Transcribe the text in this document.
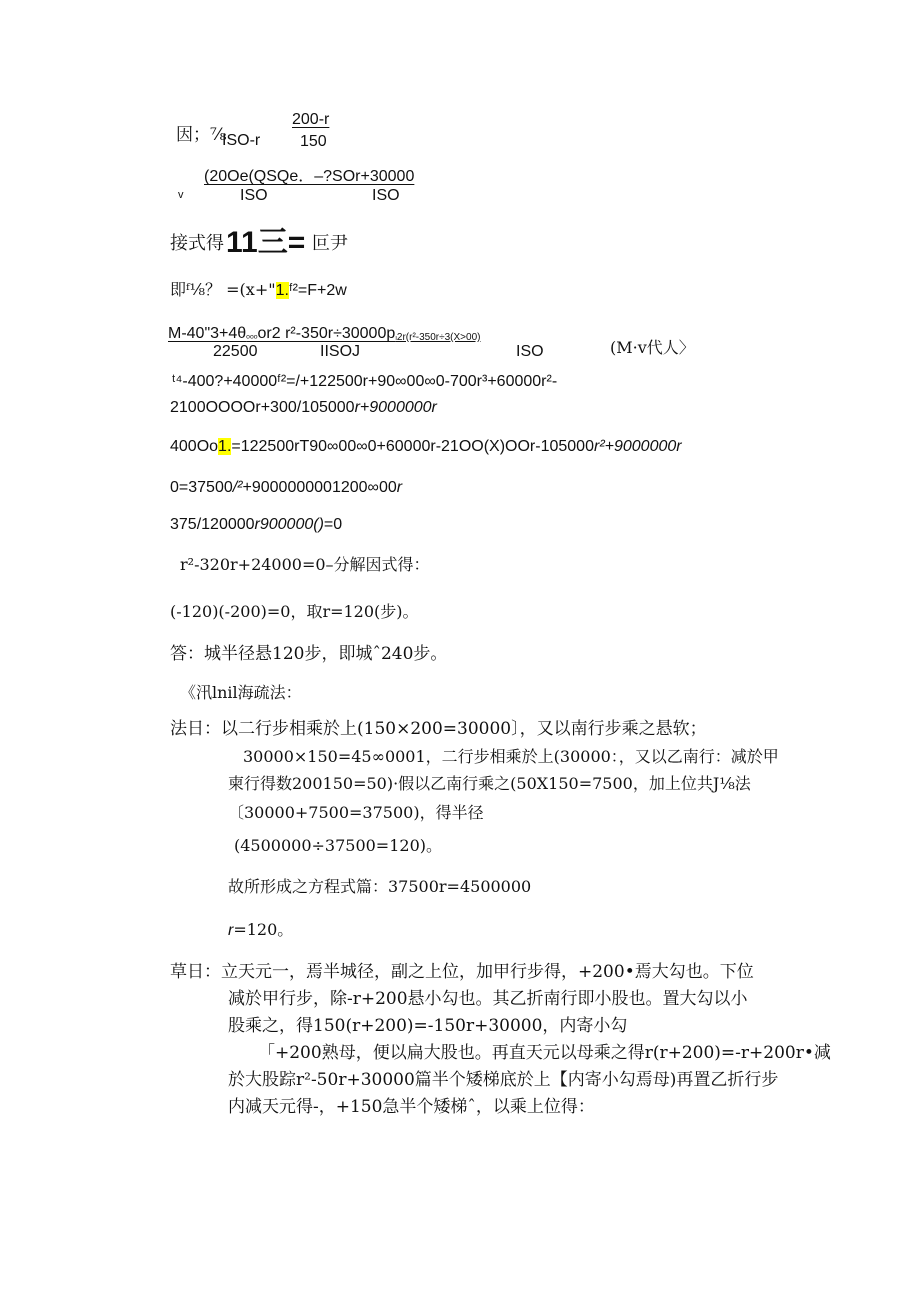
因；⅞
ISO-r
200-r
150
v
(20Oe(QSQe．–?SOr+30000
ISO	ISO
接式得 11三= 叵尹
即ᶠ⅛？ =(x+"1.ᶠ²=F+2w
M-40"3+4θₒₒₒor2 r²-350r÷30000pₗ2r(r²-350r÷3(X>00)
22500	IISOJ	ISO	(M·v代人〉
ᵗ⁴-400?+40000ᶠ²=/+122500r+90∞00∞0-700r³+60000r²-
2100OOOOr+300/105000r+9000000r
400Oo1.=122500rT90∞00∞0+60000r-21OO(X)OOr-105000r²+9000000r
0=37500/²+9000000001200∞00r
375/120000r900000()=0
r²-320r+24000=0–分解因式得：
(-120)(-200)=0，取r=120(步)。
答：城半径悬120步，即城ˆ240步。
《汛lnil海疏法：
法日：以二行步相乘於上(150×200=30000〕，又以南行步乘之悬软；
30000×150=45∞0001，二行步相乘於上(30000：，又以乙南行：减於甲
柬行得数200150=50)·假以乙南行乘之(50X150=7500，加上位共J⅛法
〔30000+7500=37500)，得半径
(4500000÷37500=120)。
故所形成之方程式篇：37500r=4500000
r=120。
草日：立天元一，焉半城径，副之上位，加甲行步得，+200•焉大勾也。下位
减於甲行步，除-r+200悬小勾也。其乙折南行即小股也。置大勾以小
股乘之，得150(r+200)=-150r+30000，内寄小勾
「+200熟母，便以扁大股也。再直天元以母乘之得r(r+200)=-r+200r•减
於大股踪r²-50r+30000篇半个矮梯底於上【内寄小勾焉母)再置乙折行步
内减天元得-，+150急半个矮梯ˆ，以乘上位得：
